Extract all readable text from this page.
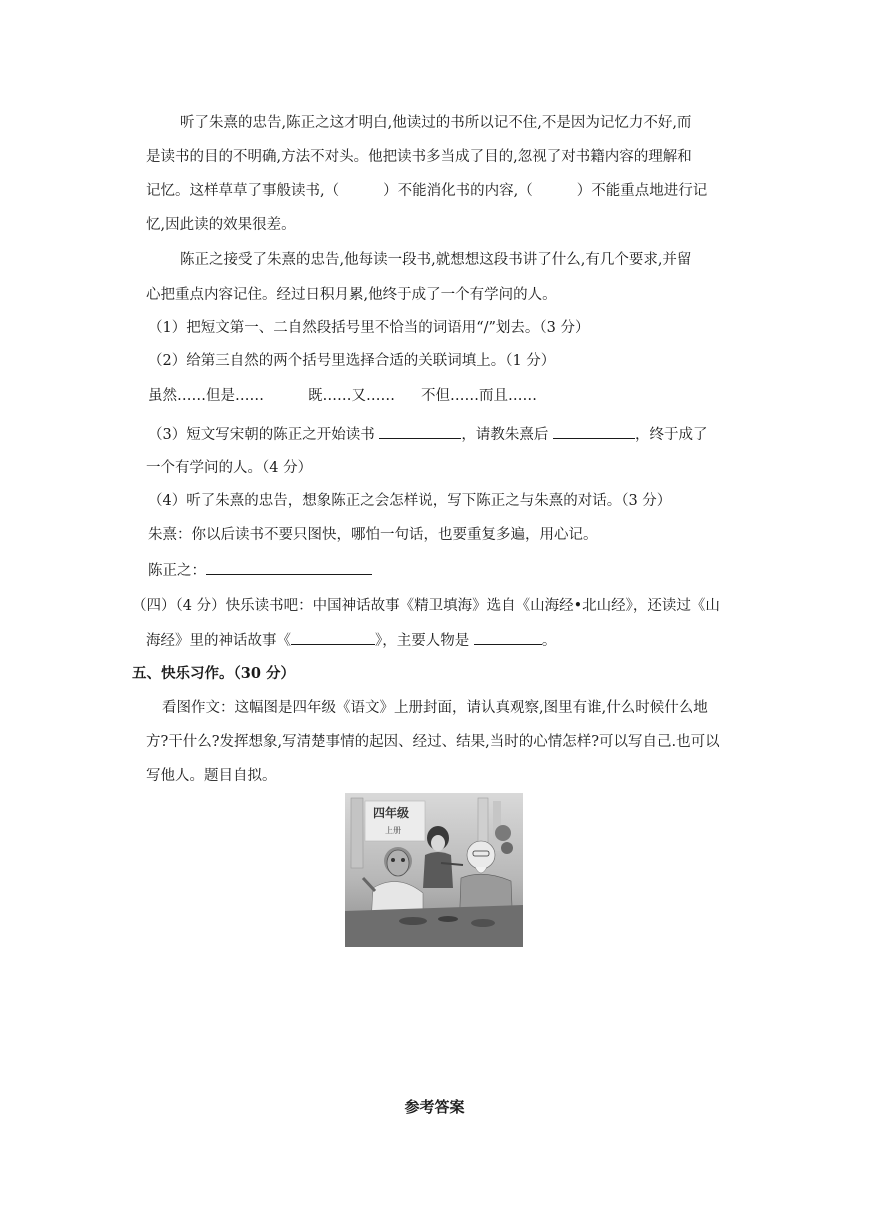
听了朱熹的忠告,陈正之这才明白,他读过的书所以记不住,不是因为记忆力不好,而
是读书的目的不明确,方法不对头。他把读书多当成了目的,忽视了对书籍内容的理解和
记忆。这样草草了事般读书,（	）不能消化书的内容,（	）不能重点地进行记
忆,因此读的效果很差。
陈正之接受了朱熹的忠告,他每读一段书,就想想这段书讲了什么,有几个要求,并留
心把重点内容记住。经过日积月累,他终于成了一个有学问的人。
（1）把短文第一、二自然段括号里不恰当的词语用“/”划去。（3 分）
（2）给第三自然的两个括号里选择合适的关联词填上。（1 分）
虽然……但是……	既……又…… 不但……而且……
（3）短文写宋朝的陈正之开始读书	，请教朱熹后	，终于成了
一个有学问的人。（4 分）
（4）听了朱熹的忠告，想象陈正之会怎样说，写下陈正之与朱熹的对话。（3 分）
朱熹：你以后读书不要只图快，哪怕一句话，也要重复多遍，用心记。
陈正之：
（四）（4 分）快乐读书吧：中国神话故事《精卫填海》选自《山海经•北山经》，还读过《山
海经》里的神话故事《	》，主要人物是	。
五、快乐习作。（30 分）
看图作文：这幅图是四年级《语文》上册封面，请认真观察,图里有谁,什么时候什么地
方?干什么?发挥想象,写清楚事情的起因、经过、结果,当时的心情怎样?可以写自己.也可以
写他人。题目自拟。
四年级
上册
参考答案
